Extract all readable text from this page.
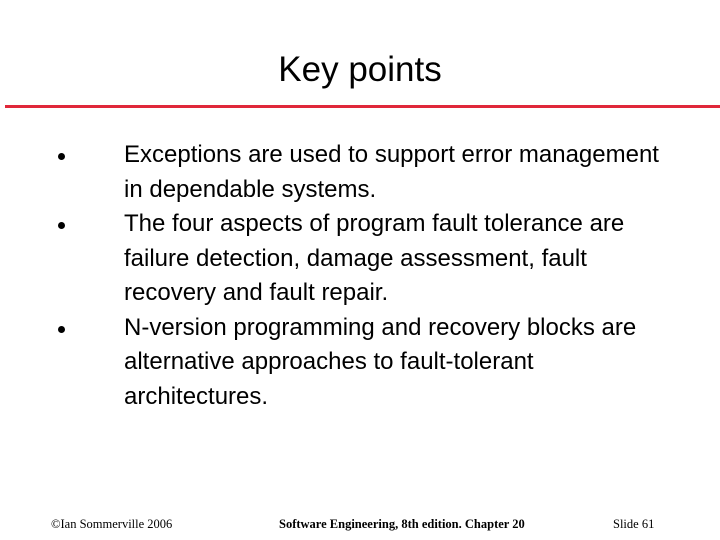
Key points
Exceptions are used to support error management in dependable systems.
The four aspects of program fault tolerance are failure detection, damage assessment, fault recovery and fault repair.
N-version programming and recovery blocks are alternative approaches to fault-tolerant architectures.
©Ian Sommerville 2006	Software Engineering, 8th edition. Chapter 20	Slide 61
